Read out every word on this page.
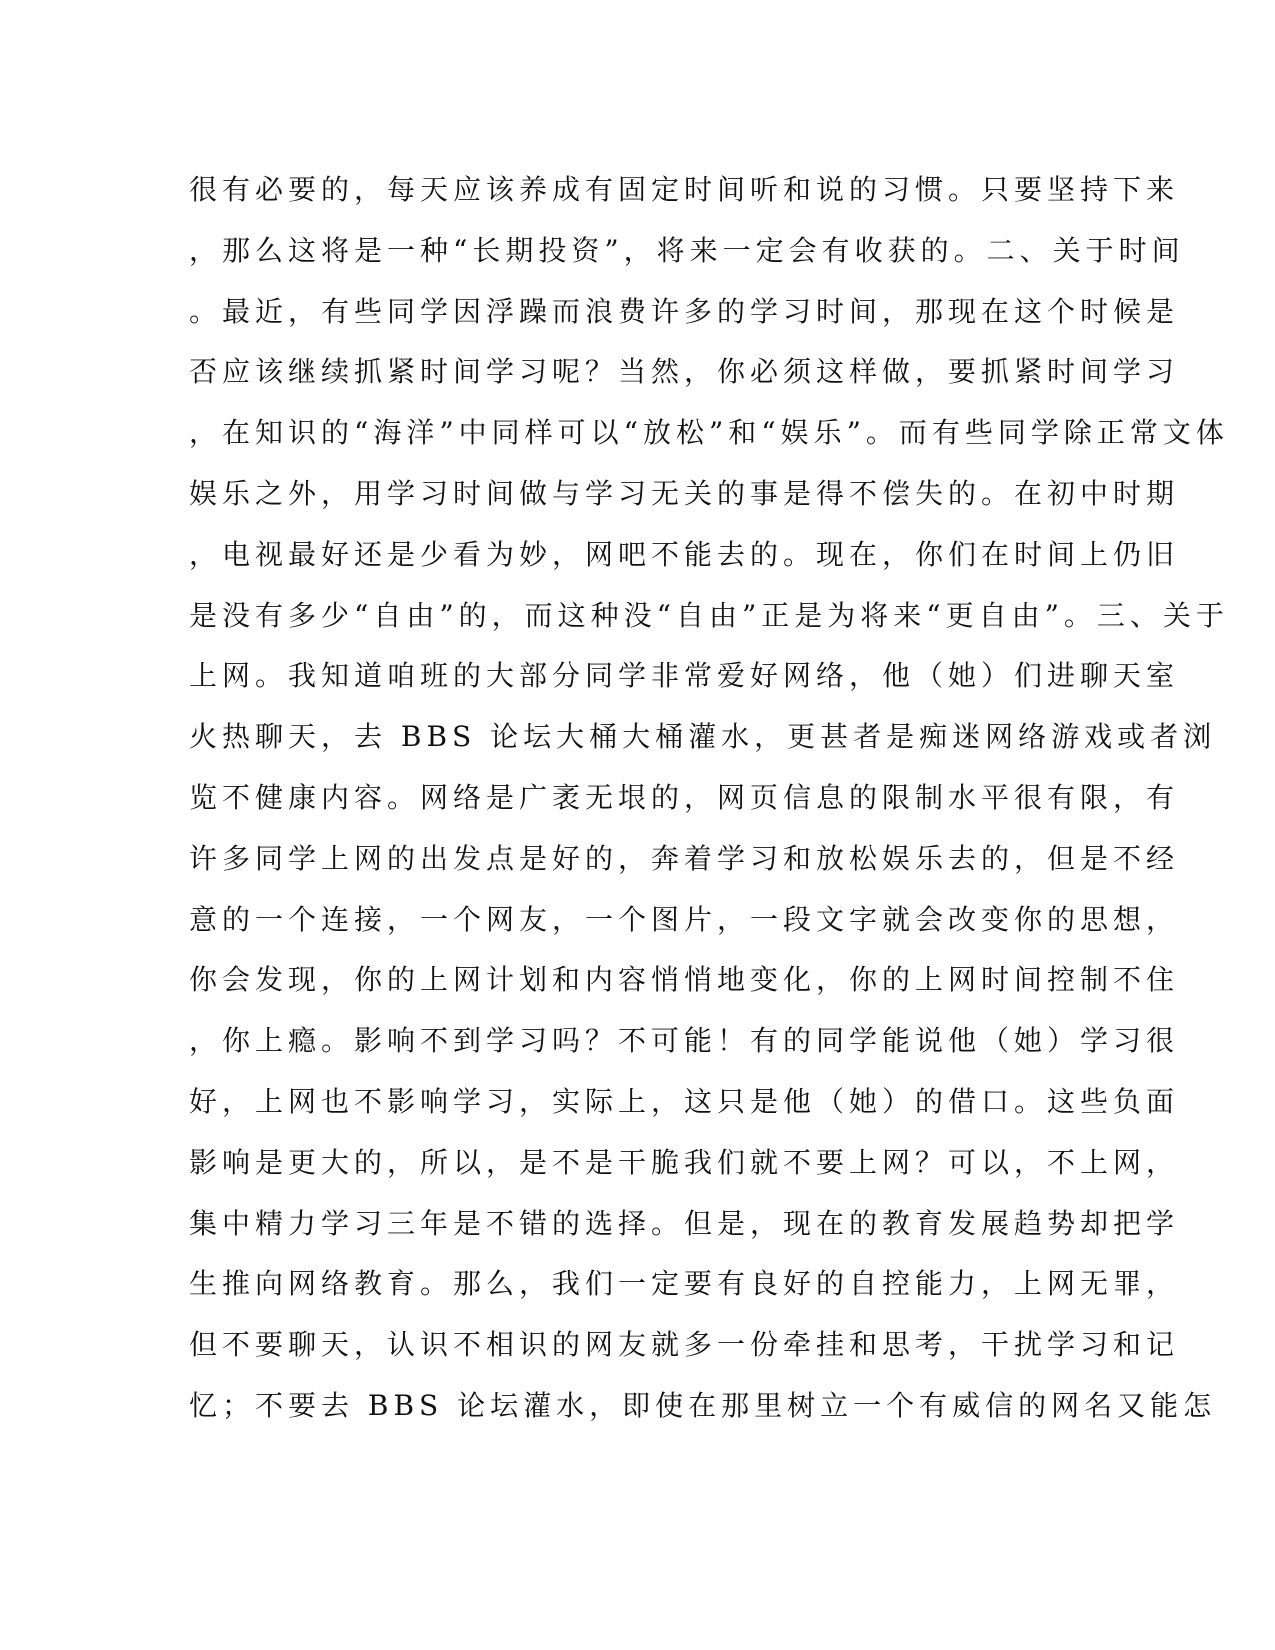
很有必要的，每天应该养成有固定时间听和说的习惯。只要坚持下来
，那么这将是一种“长期投资”，将来一定会有收获的。二、关于时间
。最近，有些同学因浮躁而浪费许多的学习时间，那现在这个时候是
否应该继续抓紧时间学习呢？当然，你必须这样做，要抓紧时间学习
，在知识的“海洋”中同样可以“放松”和“娱乐”。而有些同学除正常文体
娱乐之外，用学习时间做与学习无关的事是得不偿失的。在初中时期
，电视最好还是少看为妙，网吧不能去的。现在，你们在时间上仍旧
是没有多少“自由”的，而这种没“自由”正是为将来“更自由”。三、关于
上网。我知道咱班的大部分同学非常爱好网络，他（她）们进聊天室
火热聊天，去 BBS 论坛大桶大桶灌水，更甚者是痴迷网络游戏或者浏
览不健康内容。网络是广袤无垠的，网页信息的限制水平很有限，有
许多同学上网的出发点是好的，奔着学习和放松娱乐去的，但是不经
意的一个连接，一个网友，一个图片，一段文字就会改变你的思想，
你会发现，你的上网计划和内容悄悄地变化，你的上网时间控制不住
，你上瘾。影响不到学习吗？不可能！有的同学能说他（她）学习很
好，上网也不影响学习，实际上，这只是他（她）的借口。这些负面
影响是更大的，所以，是不是干脆我们就不要上网？可以，不上网，
集中精力学习三年是不错的选择。但是，现在的教育发展趋势却把学
生推向网络教育。那么，我们一定要有良好的自控能力，上网无罪，
但不要聊天，认识不相识的网友就多一份牵挂和思考，干扰学习和记
忆；不要去 BBS 论坛灌水，即使在那里树立一个有威信的网名又能怎
